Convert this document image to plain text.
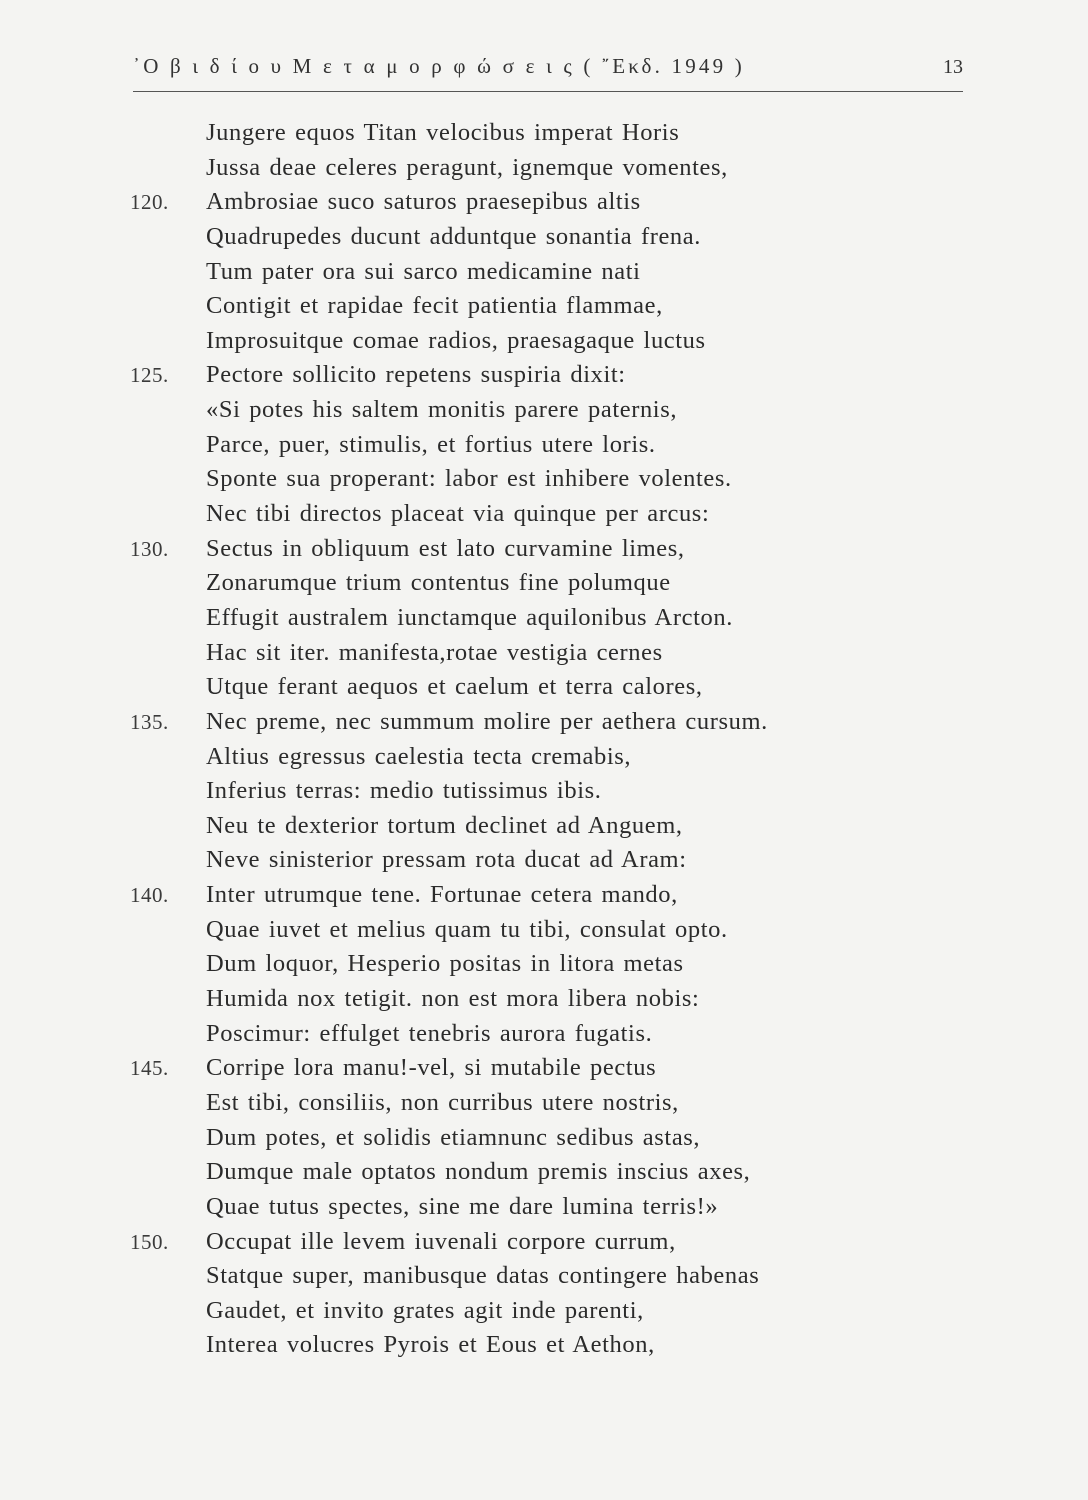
᾽Ο β ι δ ί ο υ Μ ε τ α μ ο ρ φ ώ σ ε ι ς ( ῎Εκδ. 1949 )	13
Jungere equos Titan velocibus imperat Horis
Jussa deae celeres peragunt, ignemque vomentes,
120. Ambrosiae suco saturos praesepibus altis
Quadrupedes ducunt adduntque sonantia frena.
Tum pater ora sui sarco medicamine nati
Contigit et rapidae fecit patientia flammae,
Improsuitque comae radios, praesagaque luctus
125. Pectore sollicito repetens suspiria dixit:
«Si potes his saltem monitis parere paternis,
Parce, puer, stimulis, et fortius utere loris.
Sponte sua properant: labor est inhibere volentes.
Nec tibi directos placeat via quinque per arcus:
130. Sectus in obliquum est lato curvamine limes,
Zonarumque trium contentus fine polumque
Effugit australem iunctamque aquilonibus Arcton.
Hac sit iter. manifesta,rotae vestigia cernes
Utque ferant aequos et caelum et terra calores,
135. Nec preme, nec summum molire per aethera cursum.
Altius egressus caelestia tecta cremabis,
Inferius terras: medio tutissimus ibis.
Neu te dexterior tortum declinet ad Anguem,
Neve sinisterior pressam rota ducat ad Aram:
140. Inter utrumque tene. Fortunae cetera mando,
Quae iuvet et melius quam tu tibi, consulat opto.
Dum loquor, Hesperio positas in litora metas
Humida nox tetigit. non est mora libera nobis:
Poscimur: effulget tenebris aurora fugatis.
145. Corripe lora manu!-vel, si mutabile pectus
Est tibi, consiliis, non curribus utere nostris,
Dum potes, et solidis etiamnunc sedibus astas,
Dumque male optatos nondum premis inscius axes,
Quae tutus spectes, sine me dare lumina terris!»
150. Occupat ille levem iuvenali corpore currum,
Statque super, manibusque datas contingere habenas
Gaudet, et invito grates agit inde parenti,
Interea volucres Pyrois et Eous et Aethon,
